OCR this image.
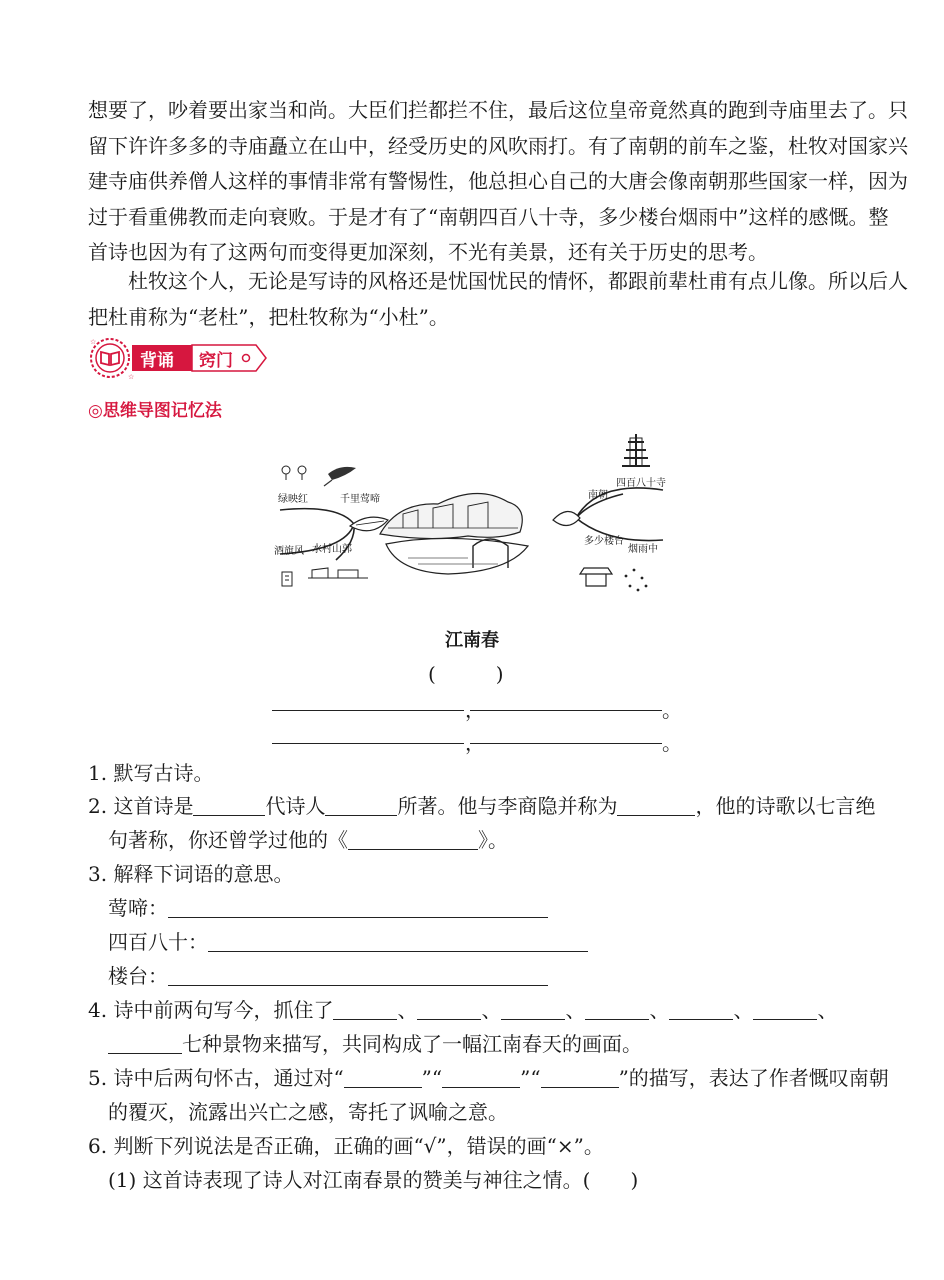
想要了，吵着要出家当和尚。大臣们拦都拦不住，最后这位皇帝竟然真的跑到寺庙里去了。只
留下许许多多的寺庙矗立在山中，经受历史的风吹雨打。有了南朝的前车之鉴，杜牧对国家兴
建寺庙供养僧人这样的事情非常有警惕性，他总担心自己的大唐会像南朝那些国家一样，因为
过于看重佛教而走向衰败。于是才有了“南朝四百八十寺，多少楼台烟雨中”这样的感慨。整
首诗也因为有了这两句而变得更加深刻，不光有美景，还有关于历史的思考。
　　杜牧这个人，无论是写诗的风格还是忧国忧民的情怀，都跟前辈杜甫有点儿像。所以后人
把杜甫称为“老杜”，把杜牧称为“小杜”。
☆
☆
背诵 窍门
◎思维导图记忆法
绿映红	千里莺啼
酒旗风 水村山郭
南朝
四百八十寺
多少楼台
烟雨中
江南春
(　　　)
，	。
，	。
1. 默写古诗。
2. 这首诗是	代诗人	所著。他与李商隐并称为	，他的诗歌以七言绝
句著称，你还曾学过他的《	》。
3. 解释下词语的意思。
莺啼：
四百八十：
楼台：
4. 诗中前两句写今，抓住了	、	、	、	、	、	、
七种景物来描写，共同构成了一幅江南春天的画面。
5. 诗中后两句怀古，通过对“	”“	”“	”的描写，表达了作者慨叹南朝
的覆灭，流露出兴亡之感，寄托了讽喻之意。
6. 判断下列说法是否正确，正确的画“√”，错误的画“×”。
(1) 这首诗表现了诗人对江南春景的赞美与神往之情。(　　)
